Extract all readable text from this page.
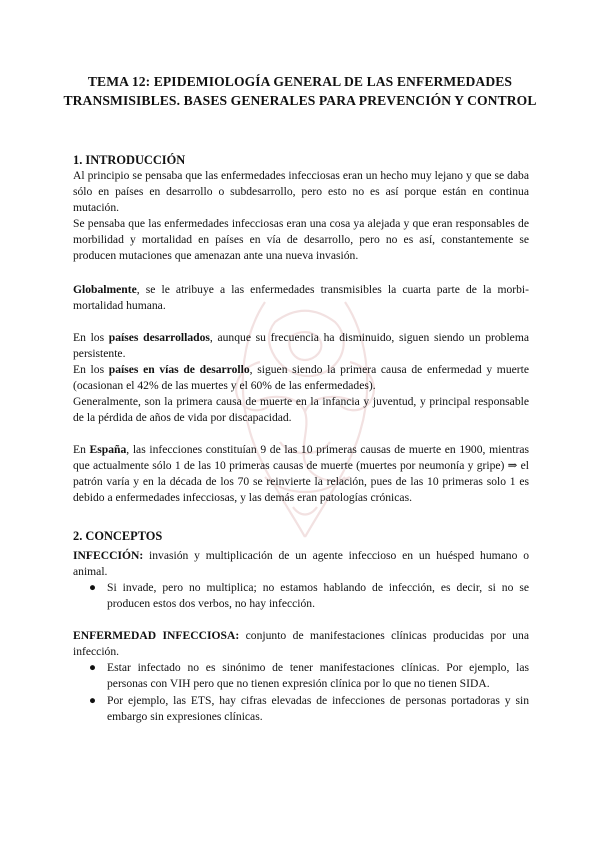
TEMA 12: EPIDEMIOLOGÍA GENERAL DE LAS ENFERMEDADES TRANSMISIBLES. BASES GENERALES PARA PREVENCIÓN Y CONTROL
1. INTRODUCCIÓN
Al principio se pensaba que las enfermedades infecciosas eran un hecho muy lejano y que se daba sólo en países en desarrollo o subdesarrollo, pero esto no es así porque están en continua mutación.
Se pensaba que las enfermedades infecciosas eran una cosa ya alejada y que eran responsables de morbilidad y mortalidad en países en vía de desarrollo, pero no es así, constantemente se producen mutaciones que amenazan ante una nueva invasión.
Globalmente, se le atribuye a las enfermedades transmisibles la cuarta parte de la morbi-mortalidad humana.
En los países desarrollados, aunque su frecuencia ha disminuido, siguen siendo un problema persistente.
En los países en vías de desarrollo, siguen siendo la primera causa de enfermedad y muerte (ocasionan el 42% de las muertes y el 60% de las enfermedades).
Generalmente, son la primera causa de muerte en la infancia y juventud, y principal responsable de la pérdida de años de vida por discapacidad.
En España, las infecciones constituían 9 de las 10 primeras causas de muerte en 1900, mientras que actualmente sólo 1 de las 10 primeras causas de muerte (muertes por neumonía y gripe) ⇒ el patrón varía y en la década de los 70 se reinvierte la relación, pues de las 10 primeras solo 1 es debido a enfermedades infecciosas, y las demás eran patologías crónicas.
2. CONCEPTOS
INFECCIÓN: invasión y multiplicación de un agente infeccioso en un huésped humano o animal.
● Si invade, pero no multiplica; no estamos hablando de infección, es decir, si no se producen estos dos verbos, no hay infección.
ENFERMEDAD INFECCIOSA: conjunto de manifestaciones clínicas producidas por una infección.
● Estar infectado no es sinónimo de tener manifestaciones clínicas. Por ejemplo, las personas con VIH pero que no tienen expresión clínica por lo que no tienen SIDA.
● Por ejemplo, las ETS, hay cifras elevadas de infecciones de personas portadoras y sin embargo sin expresiones clínicas.
